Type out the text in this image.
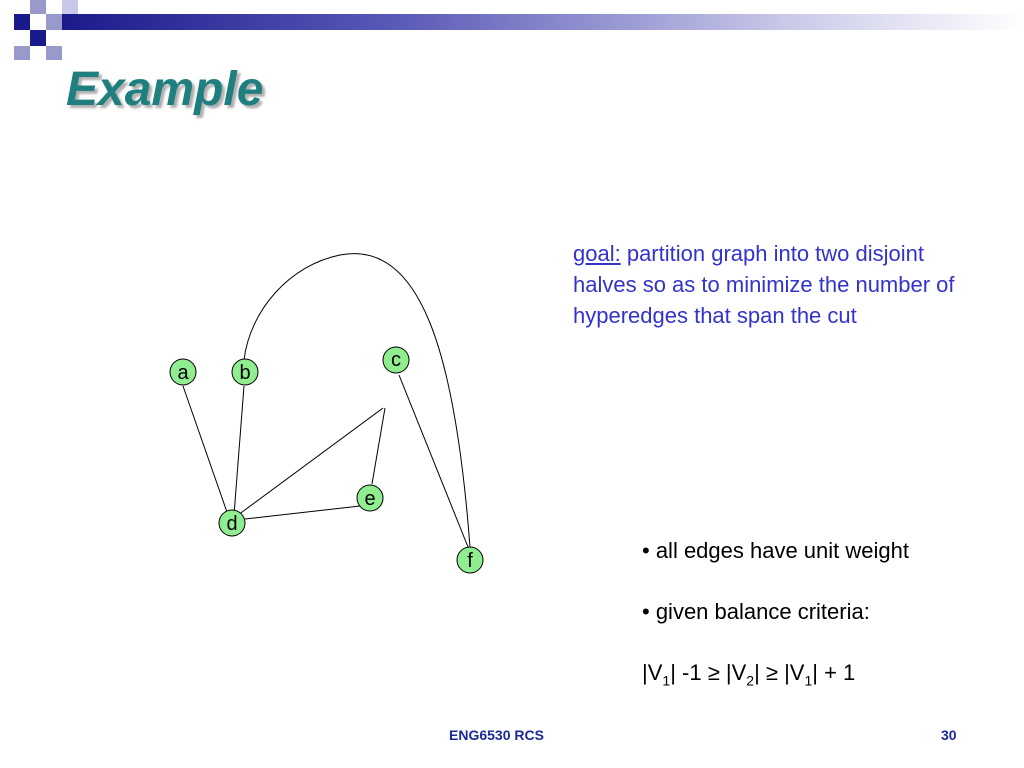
Example
a	b
c
d
e
f
goal: partition graph into two disjoint halves so as to minimize the number of hyperedges that span the cut
• all edges have unit weight
• given balance criteria:
$|V_1|$ $-1 \ge |V_2| \ge |V_1| + 1$
ENG6530 RCS	30
